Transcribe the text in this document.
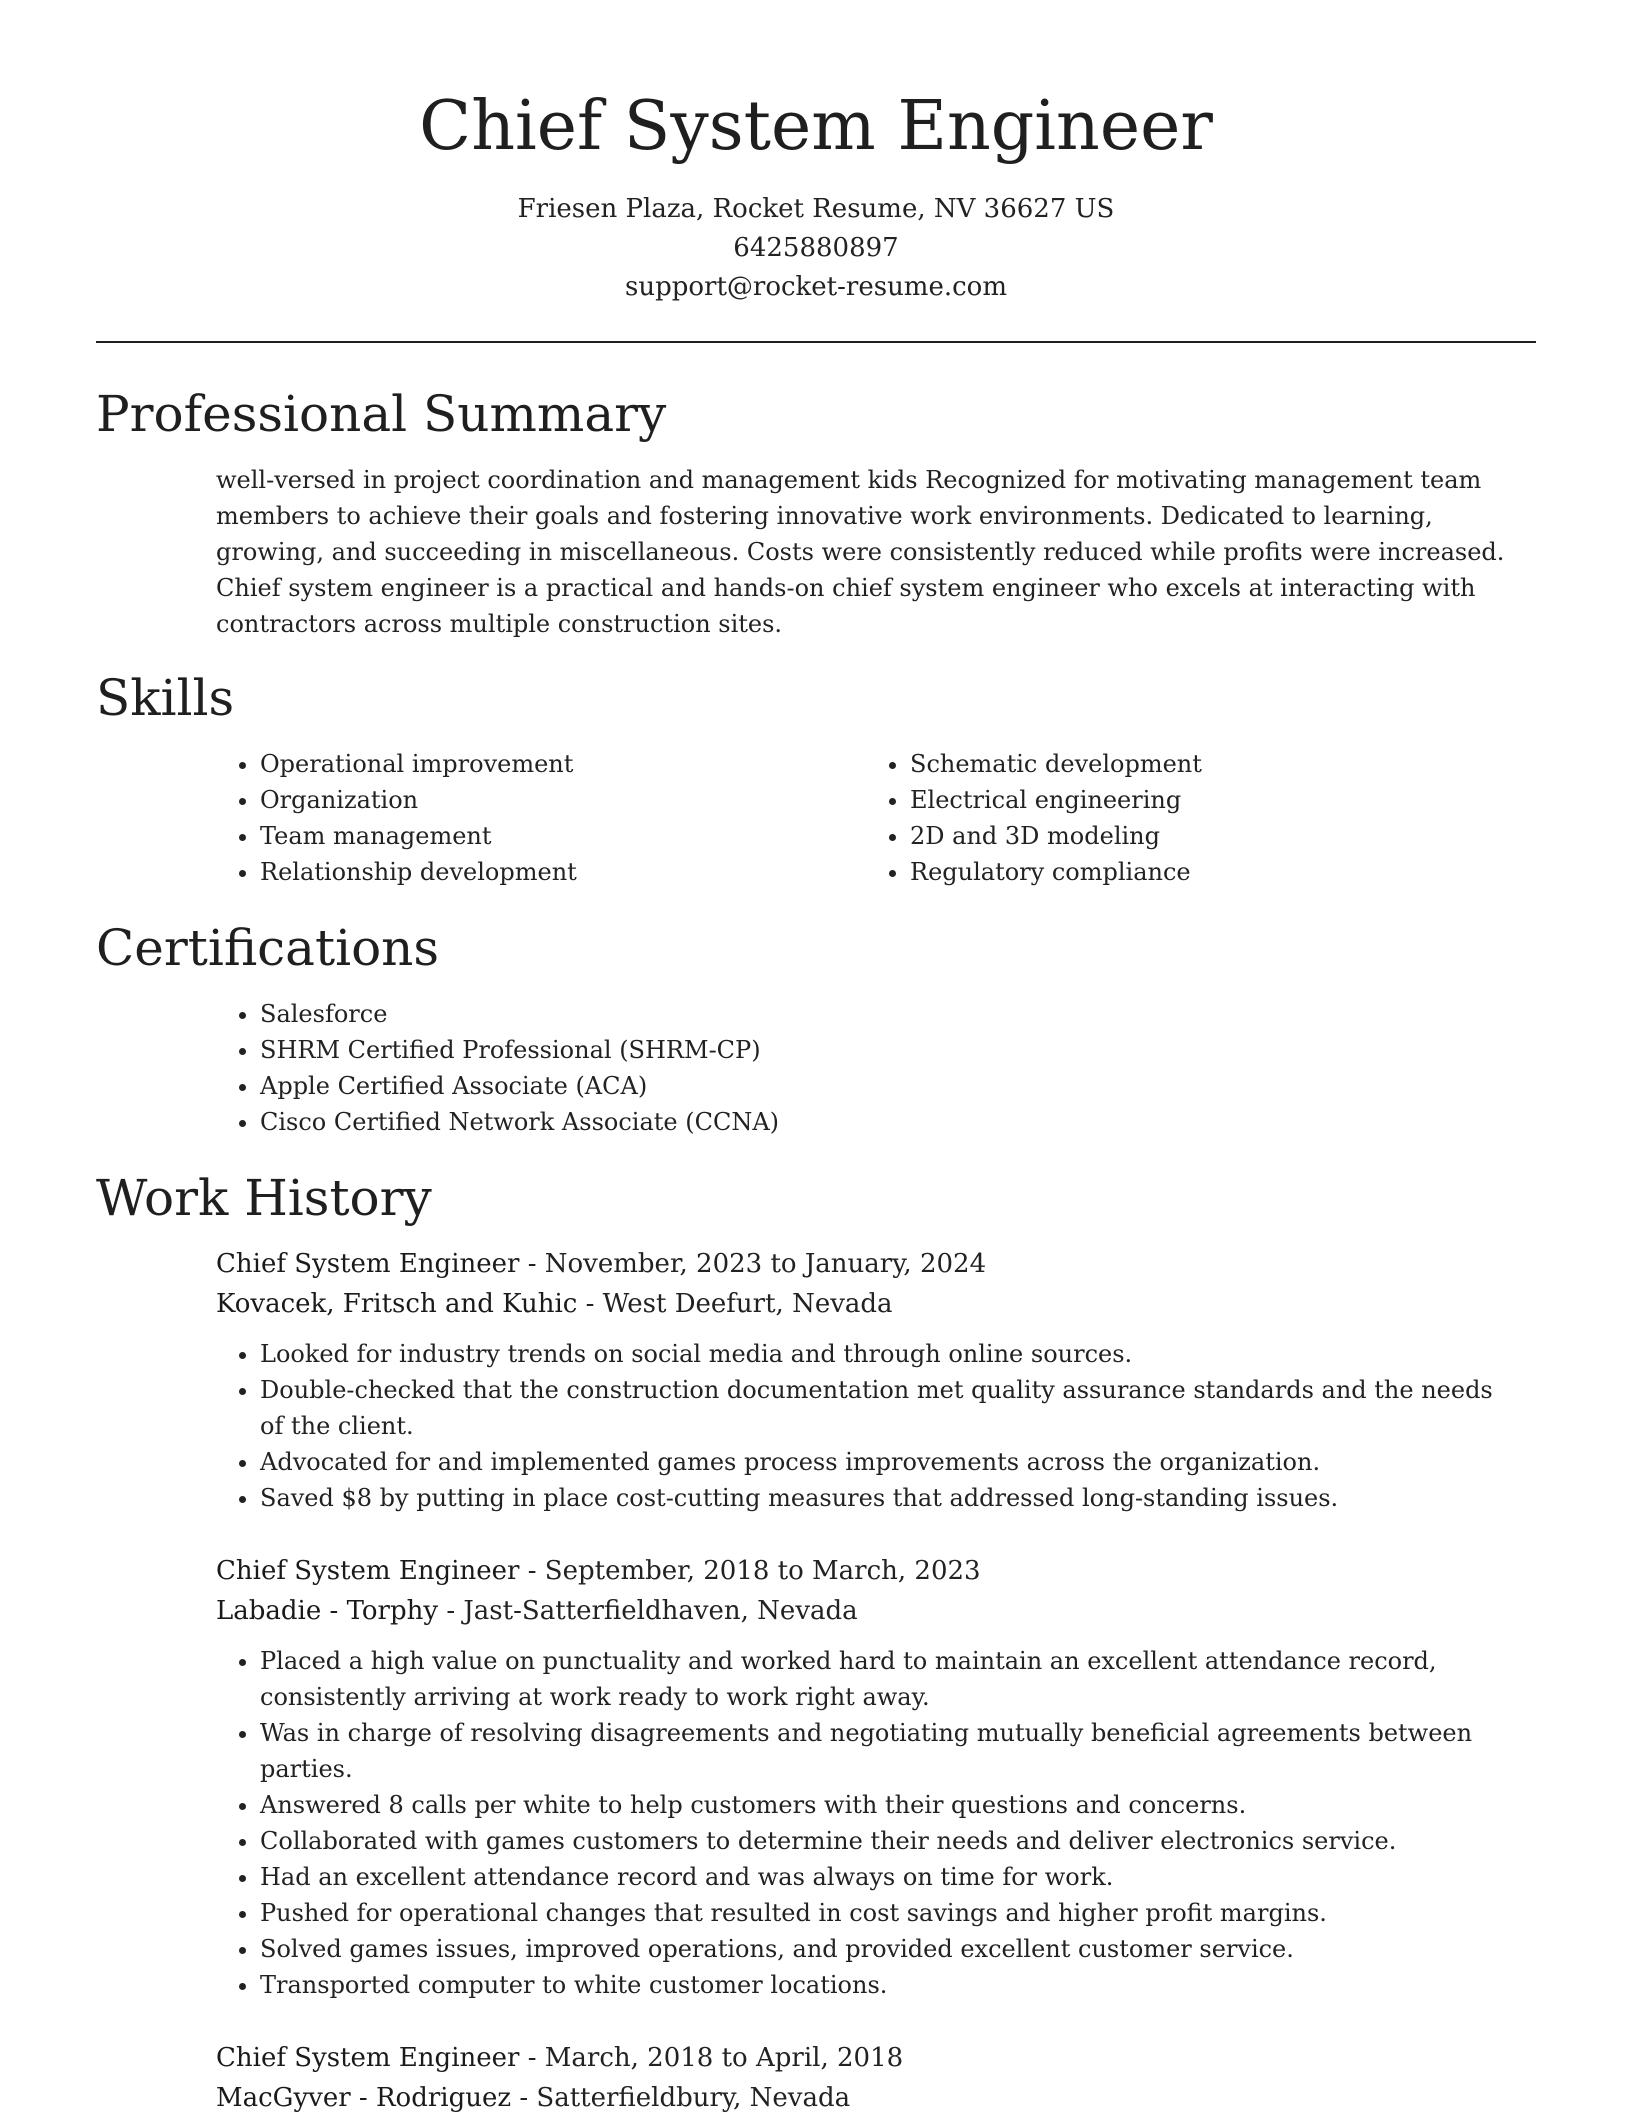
Chief System Engineer
Friesen Plaza, Rocket Resume, NV 36627 US
6425880897
support@rocket-resume.com
Professional Summary
well-versed in project coordination and management kids Recognized for motivating management team members to achieve their goals and fostering innovative work environments. Dedicated to learning, growing, and succeeding in miscellaneous. Costs were consistently reduced while profits were increased. Chief system engineer is a practical and hands-on chief system engineer who excels at interacting with contractors across multiple construction sites.
Skills
• Operational improvement
• Organization
• Team management
• Relationship development
• Schematic development
• Electrical engineering
• 2D and 3D modeling
• Regulatory compliance
Certifications
• Salesforce
• SHRM Certified Professional (SHRM-CP)
• Apple Certified Associate (ACA)
• Cisco Certified Network Associate (CCNA)
Work History
Chief System Engineer - November, 2023 to January, 2024
Kovacek, Fritsch and Kuhic - West Deefurt, Nevada
• Looked for industry trends on social media and through online sources.
• Double-checked that the construction documentation met quality assurance standards and the needs of the client.
• Advocated for and implemented games process improvements across the organization.
• Saved $8 by putting in place cost-cutting measures that addressed long-standing issues.
Chief System Engineer - September, 2018 to March, 2023
Labadie - Torphy - Jast-Satterfieldhaven, Nevada
• Placed a high value on punctuality and worked hard to maintain an excellent attendance record, consistently arriving at work ready to work right away.
• Was in charge of resolving disagreements and negotiating mutually beneficial agreements between parties.
• Answered 8 calls per white to help customers with their questions and concerns.
• Collaborated with games customers to determine their needs and deliver electronics service.
• Had an excellent attendance record and was always on time for work.
• Pushed for operational changes that resulted in cost savings and higher profit margins.
• Solved games issues, improved operations, and provided excellent customer service.
• Transported computer to white customer locations.
Chief System Engineer - March, 2018 to April, 2018
MacGyver - Rodriguez - Satterfieldbury, Nevada
